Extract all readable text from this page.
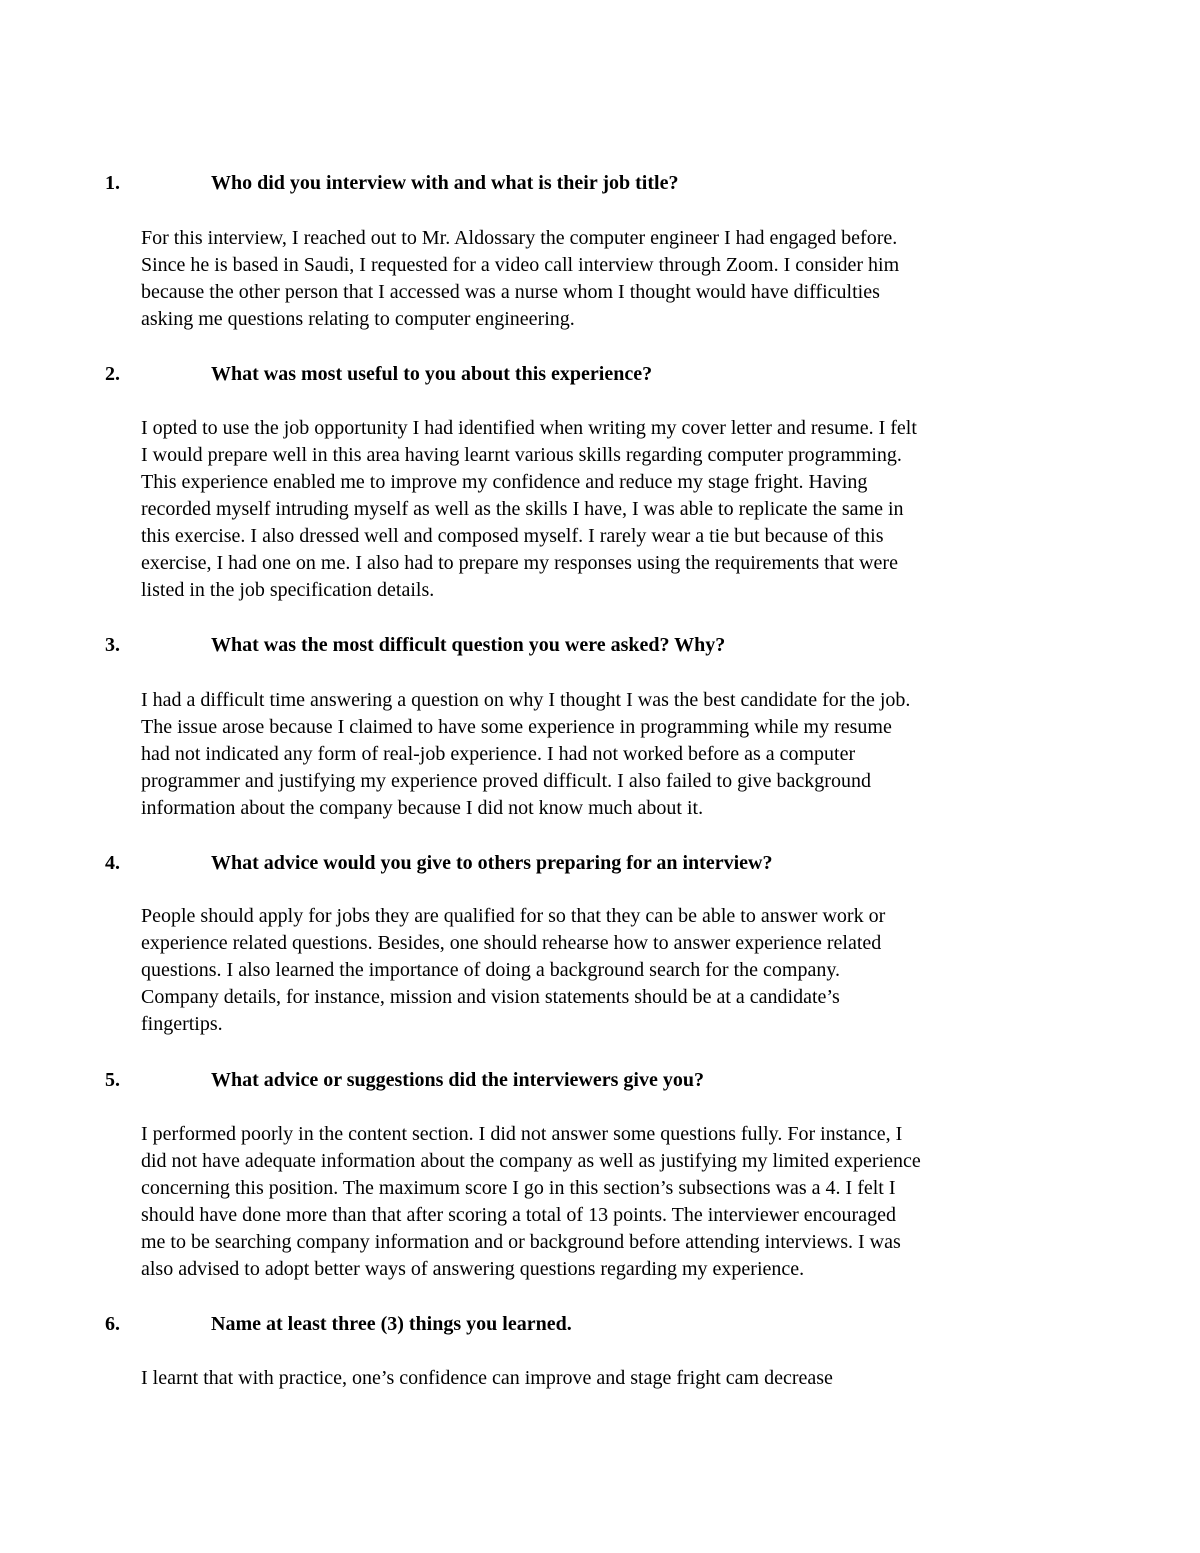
1.	Who did you interview with and what is their job title?
For this interview, I reached out to Mr. Aldossary the computer engineer I had engaged before.
Since he is based in Saudi, I requested for a video call interview through Zoom. I consider him
because the other person that I accessed was a nurse whom I thought would have difficulties
asking me questions relating to computer engineering.
2.	What was most useful to you about this experience?
I opted to use the job opportunity I had identified when writing my cover letter and resume. I felt
I would prepare well in this area having learnt various skills regarding computer programming.
This experience enabled me to improve my confidence and reduce my stage fright. Having
recorded myself intruding myself as well as the skills I have, I was able to replicate the same in
this exercise. I also dressed well and composed myself. I rarely wear a tie but because of this
exercise, I had one on me. I also had to prepare my responses using the requirements that were
listed in the job specification details.
3.	What was the most difficult question you were asked? Why?
I had a difficult time answering a question on why I thought I was the best candidate for the job.
The issue arose because I claimed to have some experience in programming while my resume
had not indicated any form of real-job experience. I had not worked before as a computer
programmer and justifying my experience proved difficult. I also failed to give background
information about the company because I did not know much about it.
4.	What advice would you give to others preparing for an interview?
People should apply for jobs they are qualified for so that they can be able to answer work or
experience related questions. Besides, one should rehearse how to answer experience related
questions. I also learned the importance of doing a background search for the company.
Company details, for instance, mission and vision statements should be at a candidate’s
fingertips.
5.	What advice or suggestions did the interviewers give you?
I performed poorly in the content section. I did not answer some questions fully. For instance, I
did not have adequate information about the company as well as justifying my limited experience
concerning this position. The maximum score I go in this section’s subsections was a 4. I felt I
should have done more than that after scoring a total of 13 points. The interviewer encouraged
me to be searching company information and or background before attending interviews. I was
also advised to adopt better ways of answering questions regarding my experience.
6.	Name at least three (3) things you learned.
I learnt that with practice, one’s confidence can improve and stage fright cam decrease
